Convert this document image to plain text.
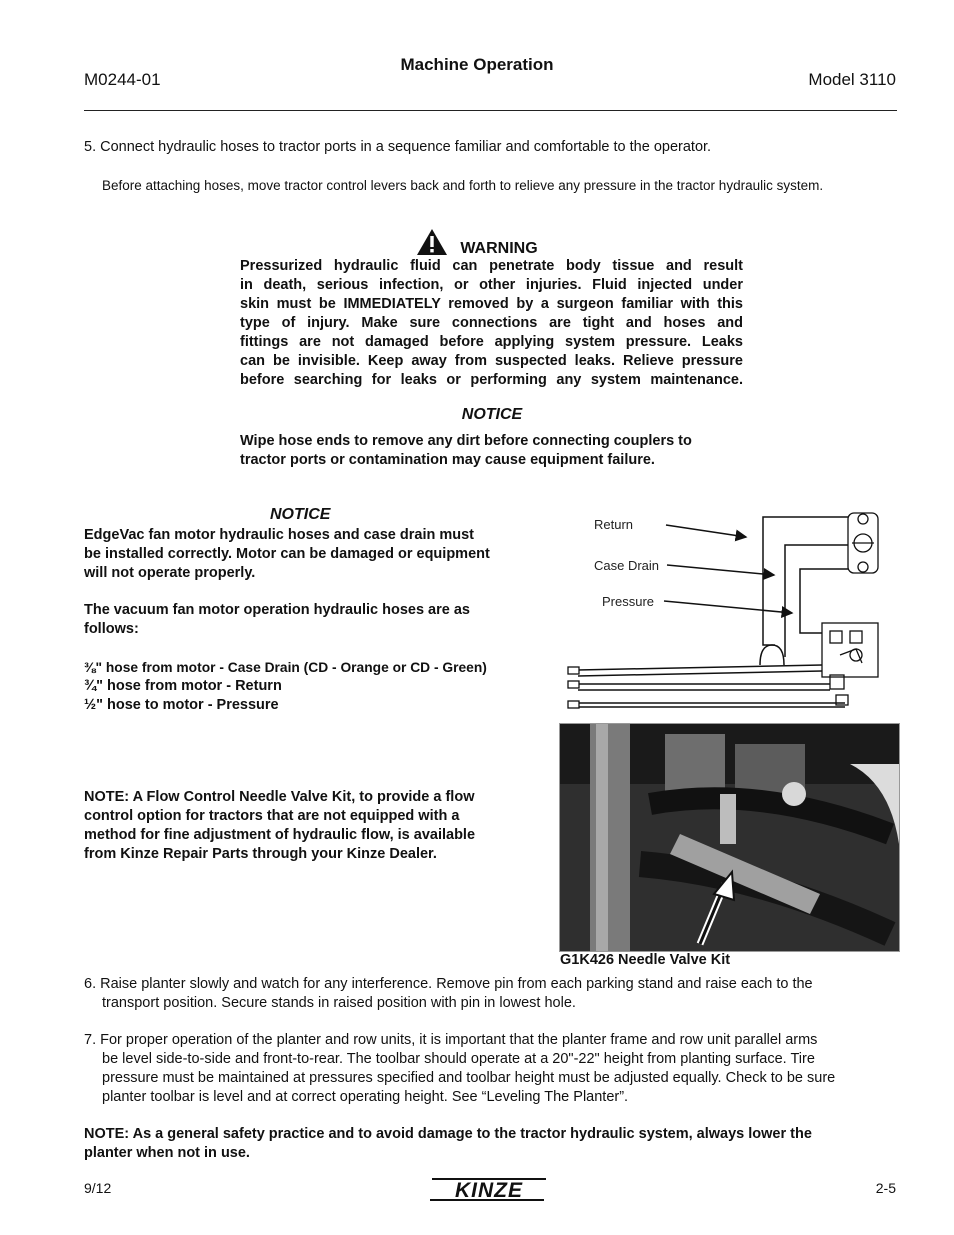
M0244-01
Machine Operation
Model 3110
5. Connect hydraulic hoses to tractor ports in a sequence familiar and comfortable to the operator.
Before attaching hoses, move tractor control levers back and forth to relieve any pressure in the tractor hydraulic system.
WARNING
Pressurized hydraulic fluid can penetrate body tissue and result
in death, serious infection, or other injuries. Fluid injected under
skin must be IMMEDIATELY removed by a surgeon familiar with this
type of injury. Make sure connections are tight and hoses and
fittings are not damaged before applying system pressure. Leaks
can be invisible. Keep away from suspected leaks. Relieve pressure
before searching for leaks or performing any system maintenance.
NOTICE
Wipe hose ends to remove any dirt before connecting couplers to
tractor ports or contamination may cause equipment failure.
NOTICE
EdgeVac fan motor hydraulic hoses and case drain must
be installed correctly. Motor can be damaged or equipment
will not operate properly.
The vacuum fan motor operation hydraulic hoses are as
follows:
⅜" hose from motor - Case Drain (CD - Orange or CD - Green)
¾" hose from motor - Return
½" hose to motor - Pressure
NOTE: A Flow Control Needle Valve Kit, to provide a flow
control option for tractors that are not equipped with a
method for fine adjustment of hydraulic flow, is available
from Kinze Repair Parts through your Kinze Dealer.
Return
Case Drain
Pressure
G1K426 Needle Valve Kit
6. Raise planter slowly and watch for any interference. Remove pin from each parking stand and raise each to the
transport position. Secure stands in raised position with pin in lowest hole.
7. For proper operation of the planter and row units, it is important that the planter frame and row unit parallel arms
be level side-to-side and front-to-rear. The toolbar should operate at a 20"-22" height from planting surface. Tire
pressure must be maintained at pressures specified and toolbar height must be adjusted equally. Check to be sure
planter toolbar is level and at correct operating height. See “Leveling The Planter”.
NOTE: As a general safety practice and to avoid damage to the tractor hydraulic system, always lower the
planter when not in use.
9/12	KINZE	2-5
